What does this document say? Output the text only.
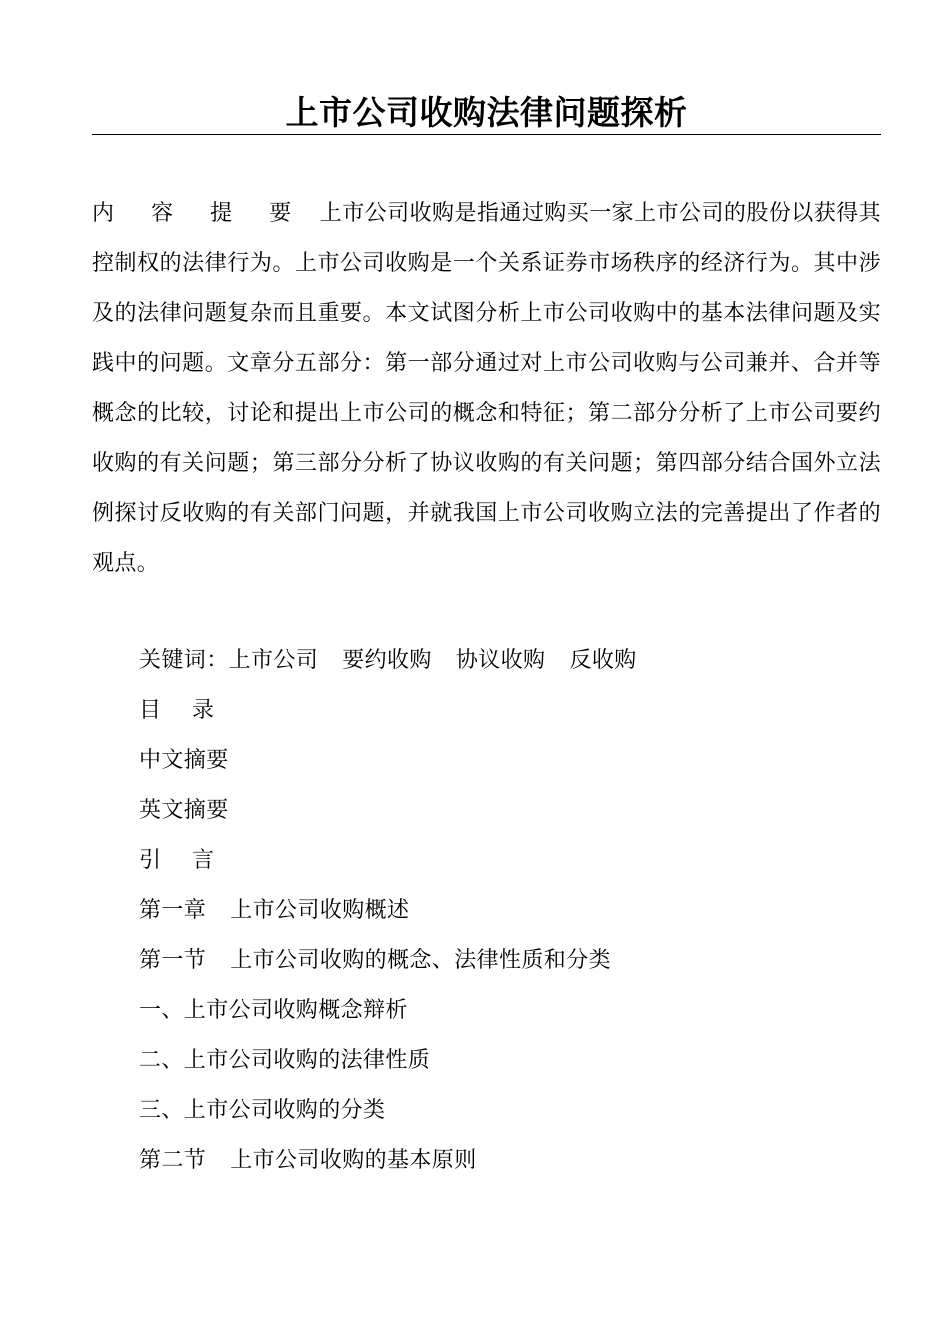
上市公司收购法律问题探析

内 容 提 要 上市公司收购是指通过购买一家上市公司的股份以获得其控制权的法律行为。上市公司收购是一个关系证券市场秩序的经济行为。其中涉及的法律问题复杂而且重要。本文试图分析上市公司收购中的基本法律问题及实践中的问题。文章分五部分：第一部分通过对上市公司收购与公司兼并、合并等概念的比较，讨论和提出上市公司的概念和特征；第二部分分析了上市公司要约收购的有关问题；第三部分分析了协议收购的有关问题；第四部分结合国外立法例探讨反收购的有关部门问题，并就我国上市公司收购立法的完善提出了作者的观点。

关键词：上市公司 要约收购 协议收购 反收购
目 录
中文摘要
英文摘要
引 言
第一章 上市公司收购概述
第一节 上市公司收购的概念、法律性质和分类
一、上市公司收购概念辩析
二、上市公司收购的法律性质
三、上市公司收购的分类
第二节 上市公司收购的基本原则
